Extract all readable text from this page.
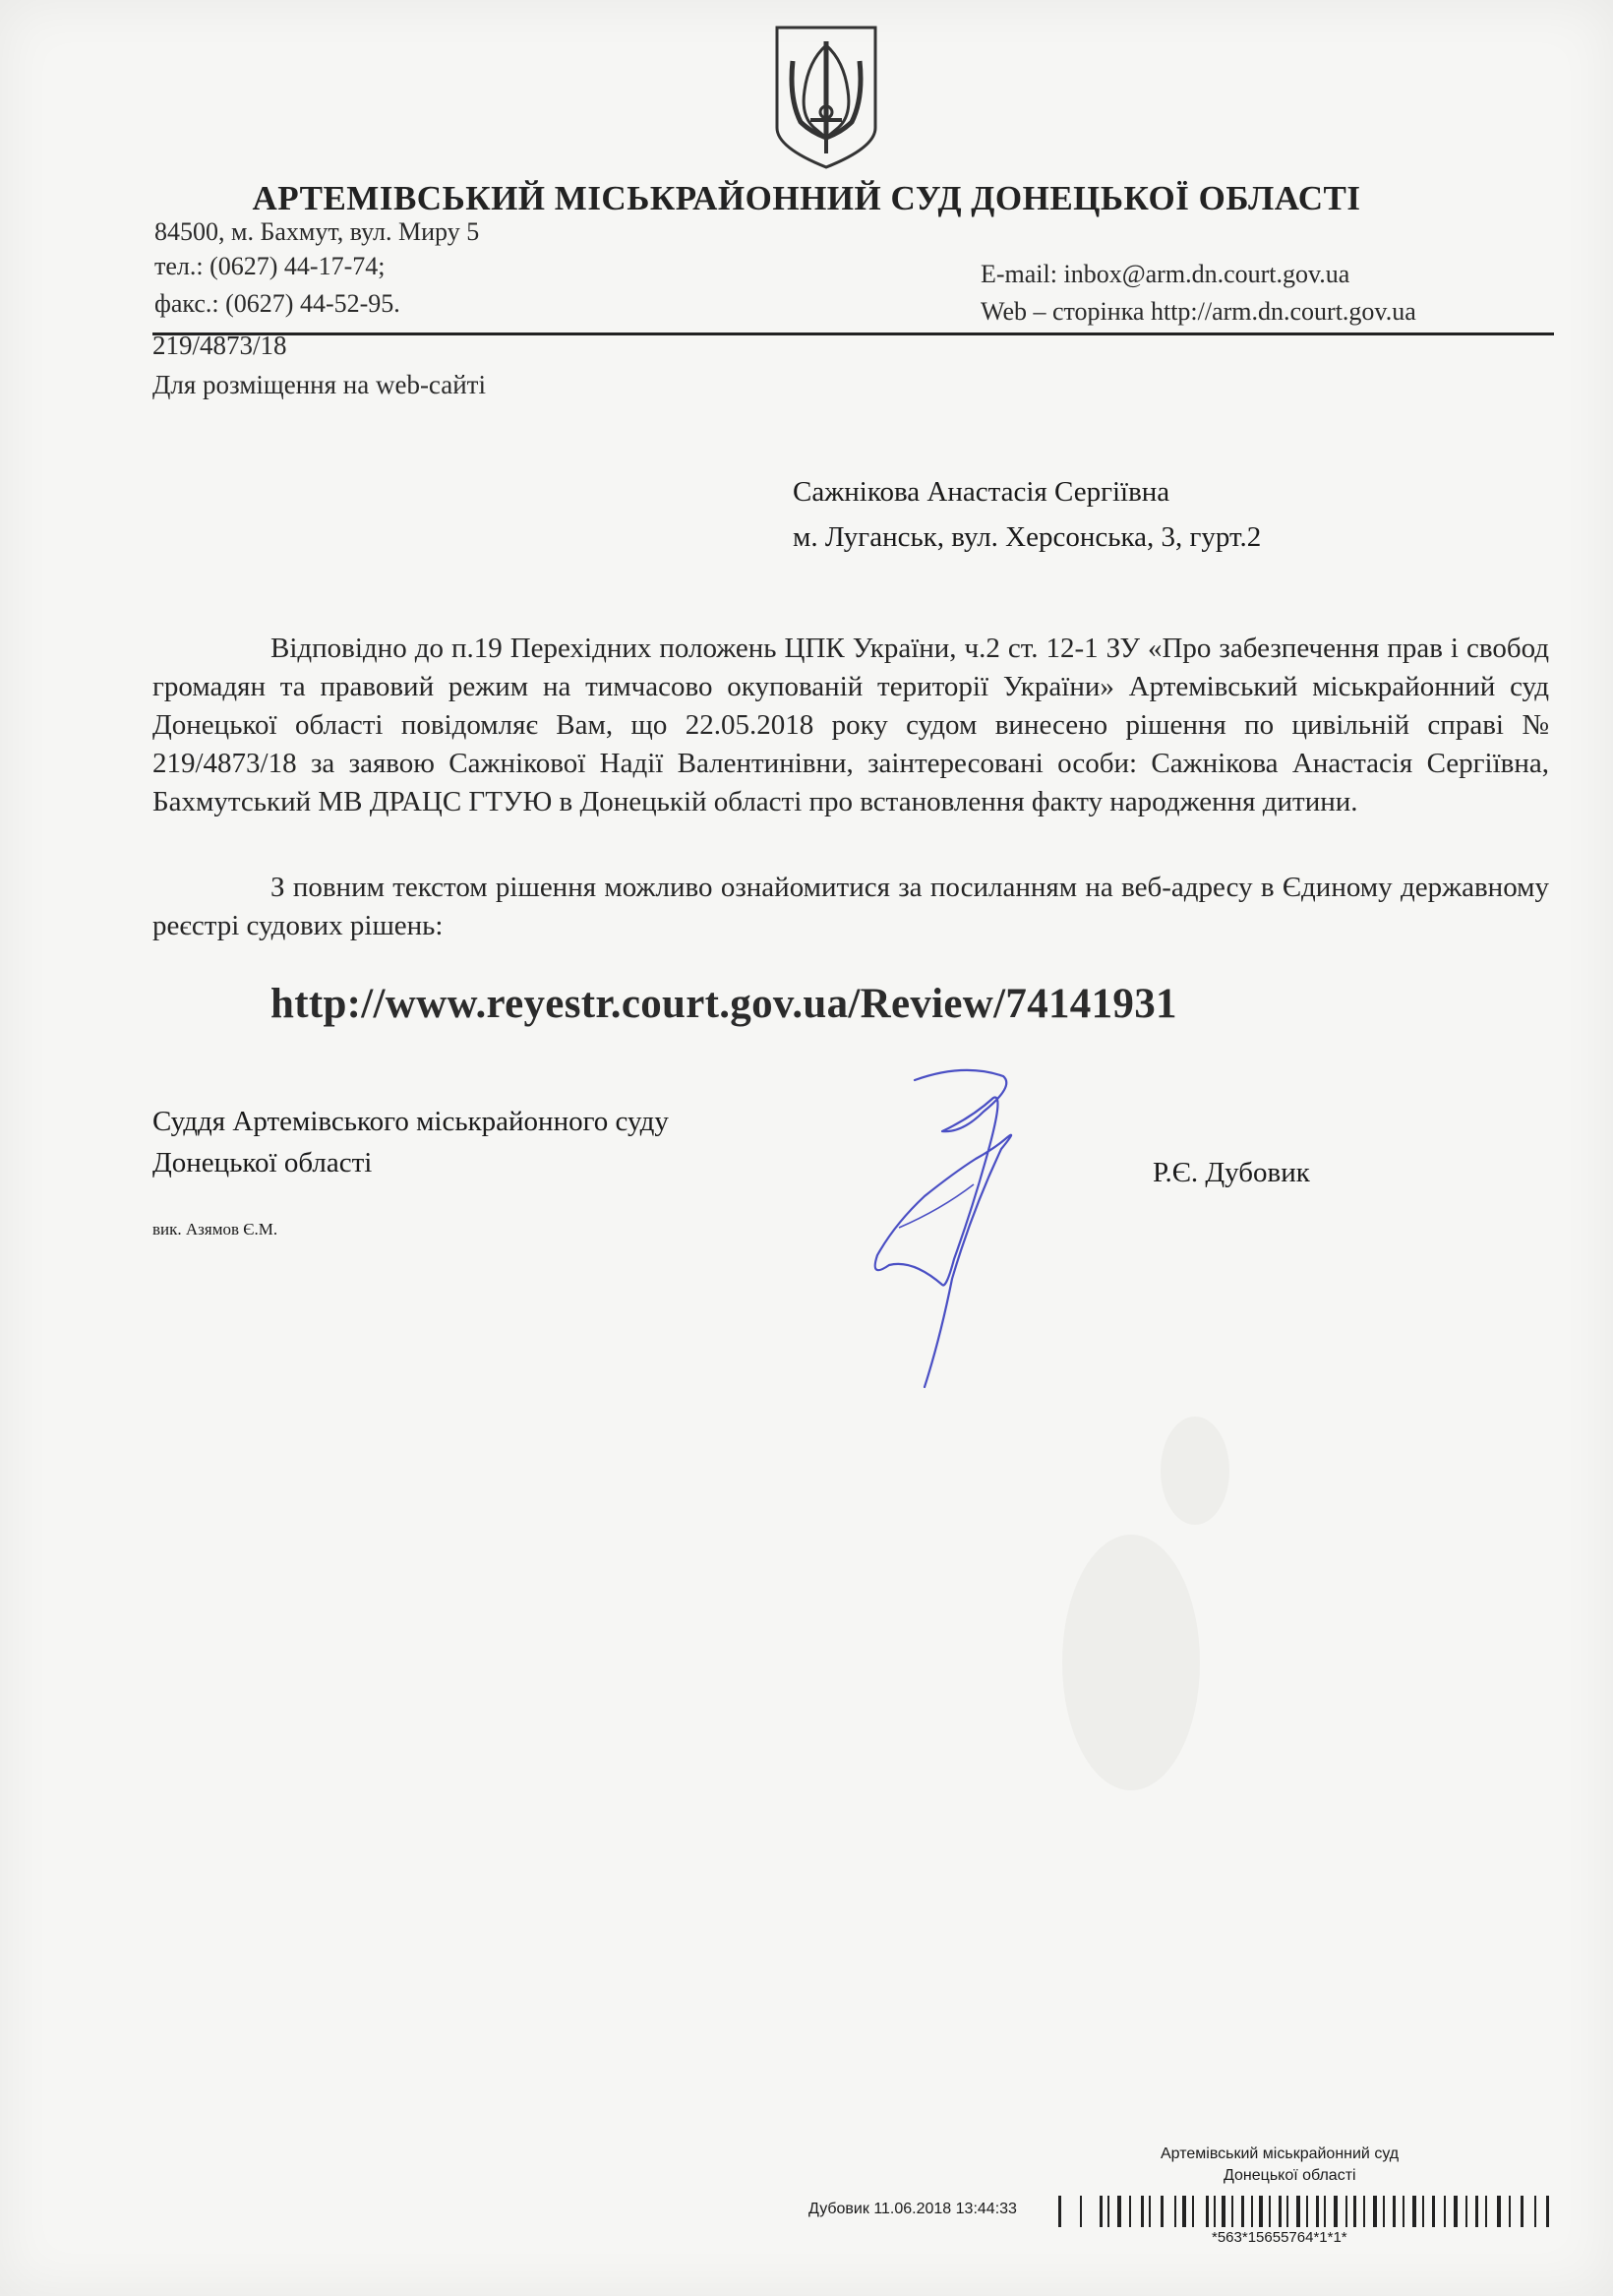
АРТЕМІВСЬКИЙ МІСЬКРАЙОННИЙ СУД ДОНЕЦЬКОЇ ОБЛАСТІ
84500, м. Бахмут, вул. Миру 5
тел.: (0627) 44-17-74;
факс.: (0627) 44-52-95.
E-mail: inbox@arm.dn.court.gov.ua
Web – сторінка http://arm.dn.court.gov.ua
219/4873/18
Для розміщення на web-сайті
Сажнікова Анастасія Сергіївна
м. Луганськ, вул. Херсонська, 3, гурт.2
Відповідно до п.19 Перехідних положень ЦПК України, ч.2 ст. 12-1 ЗУ «Про забезпечення прав і свобод громадян та правовий режим на тимчасово окупованій території України» Артемівський міськрайонний суд Донецької області повідомляє Вам, що 22.05.2018 року судом винесено рішення по цивільній справі № 219/4873/18 за заявою Сажнікової Надії Валентинівни, заінтересовані особи: Сажнікова Анастасія Сергіївна, Бахмутський МВ ДРАЦС ГТУЮ в Донецькій області про встановлення факту народження дитини.
З повним текстом рішення можливо ознайомитися за посиланням на веб-адресу в Єдиному державному реєстрі судових рішень:
http://www.reyestr.court.gov.ua/Review/74141931
Суддя Артемівського міськрайонного суду
Донецької області	Р.Є. Дубовик
вик. Азямов Є.М.
Артемівський міськрайонний суд
Донецької області
Дубовик 11.06.2018 13:44:33
*563*15655764*1*1*
